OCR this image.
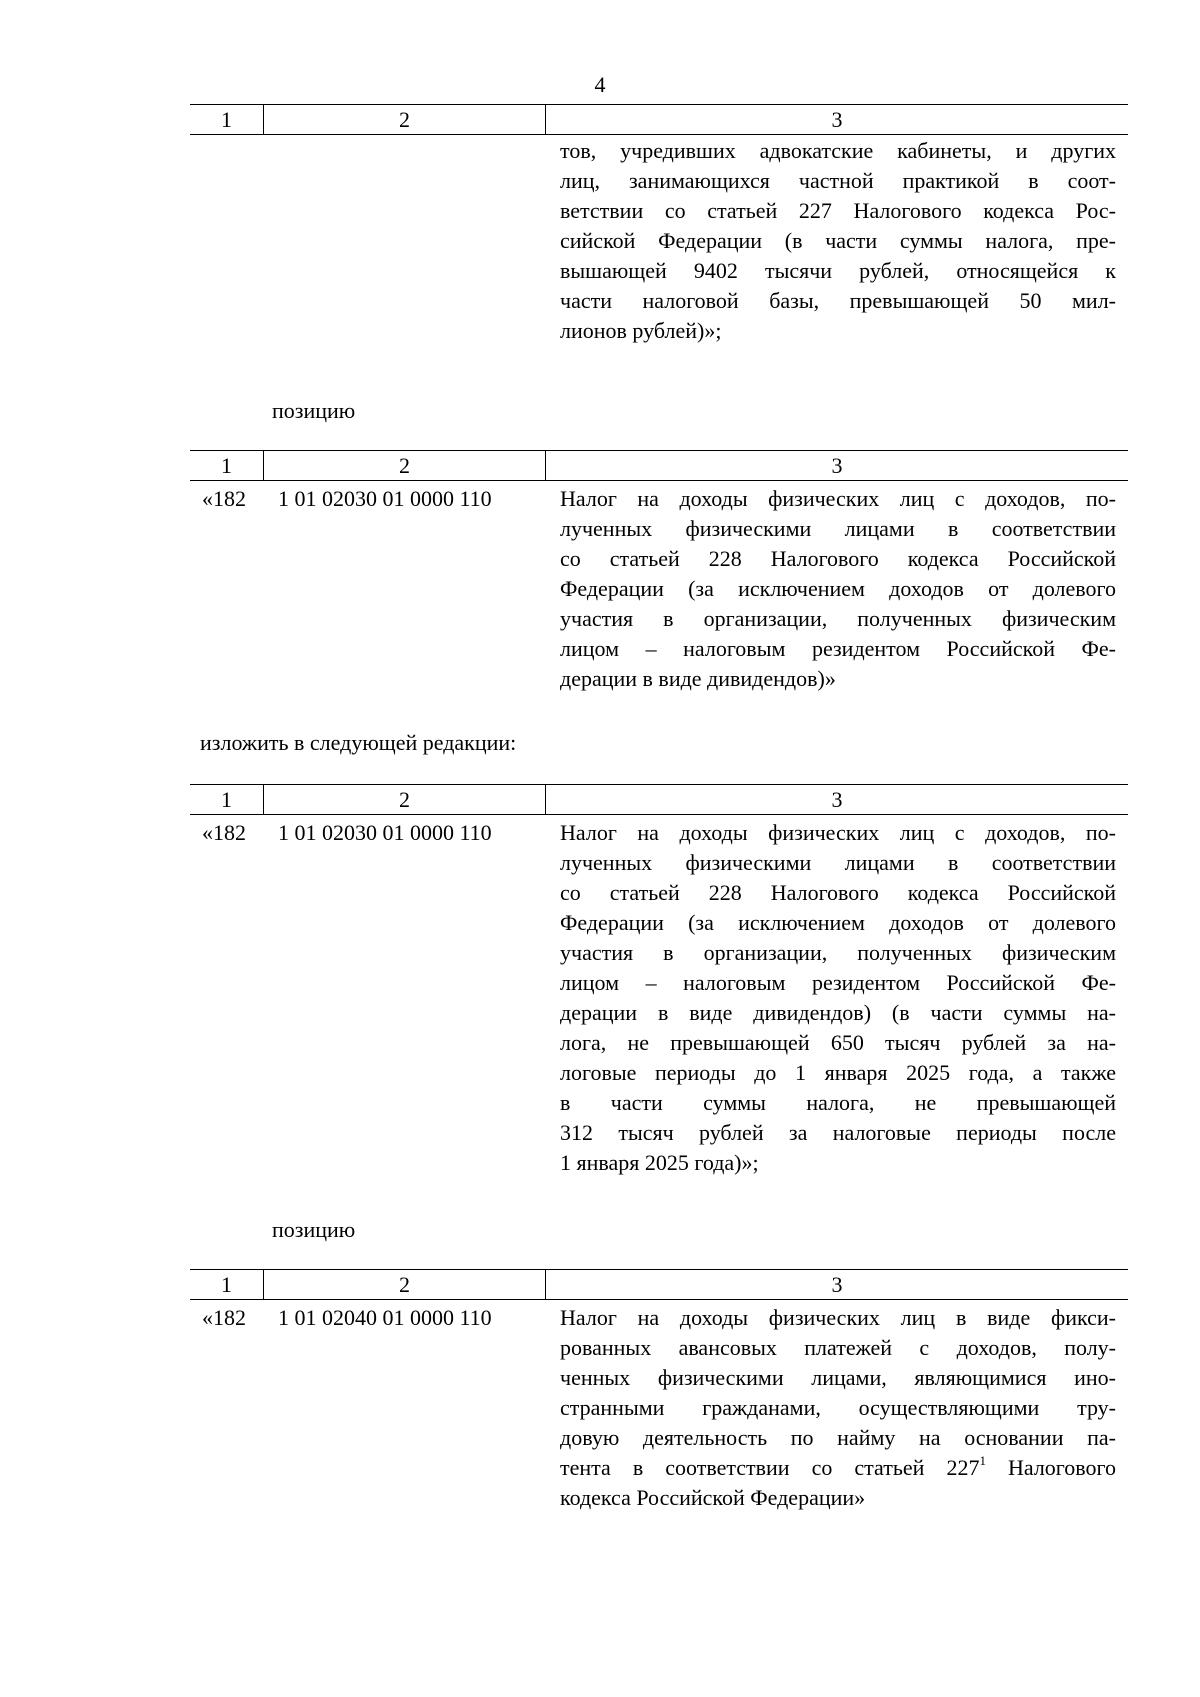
4
1	2	3
тов, учредивших адвокатские кабинеты, и других
лиц, занимающихся частной практикой в соот-
ветствии со статьей 227 Налогового кодекса Рос-
сийской Федерации (в части суммы налога, пре-
вышающей 9402 тысячи рублей, относящейся к
части налоговой базы, превышающей 50 мил-
лионов рублей)»;
позицию
1	2	3
«182 1 01 02030 01 0000 110	Налог на доходы физических лиц с доходов, по-
лученных физическими лицами в соответствии
со статьей 228 Налогового кодекса Российской
Федерации (за исключением доходов от долевого
участия в организации, полученных физическим
лицом – налоговым резидентом Российской Фе-
дерации в виде дивидендов)»
изложить в следующей редакции:
1	2	3
«182 1 01 02030 01 0000 110	Налог на доходы физических лиц с доходов, по-
лученных физическими лицами в соответствии
со статьей 228 Налогового кодекса Российской
Федерации (за исключением доходов от долевого
участия в организации, полученных физическим
лицом – налоговым резидентом Российской Фе-
дерации в виде дивидендов) (в части суммы на-
лога, не превышающей 650 тысяч рублей за на-
логовые периоды до 1 января 2025 года, а также
в части суммы налога, не превышающей
312 тысяч рублей за налоговые периоды после
1 января 2025 года)»;
позицию
1	2	3
«182 1 01 02040 01 0000 110	Налог на доходы физических лиц в виде фикси-
рованных авансовых платежей с доходов, полу-
ченных физическими лицами, являющимися ино-
странными гражданами, осуществляющими тру-
довую деятельность по найму на основании па-
тента в соответствии со статьей $227^1$ Налогового
кодекса Российской Федерации»
